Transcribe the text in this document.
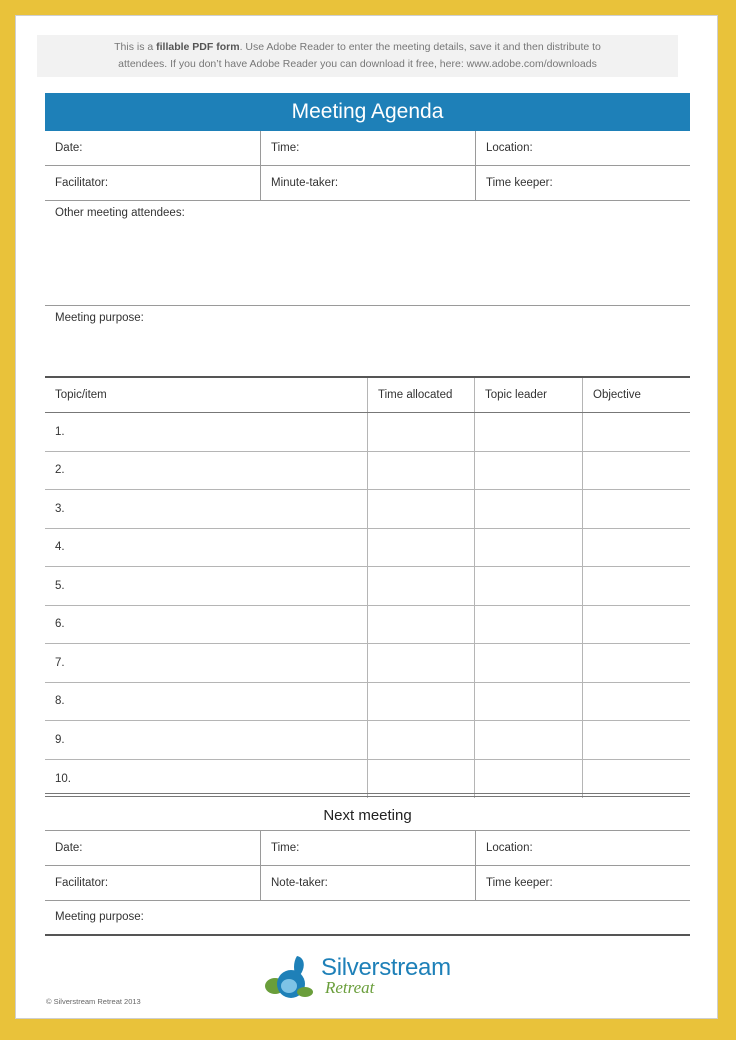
This is a fillable PDF form. Use Adobe Reader to enter the meeting details, save it and then distribute to
attendees. If you don’t have Adobe Reader you can download it free, here: www.adobe.com/downloads
Meeting Agenda
Date:	Time:	Location:
Facilitator:	Minute-taker:	Time keeper:
Other meeting attendees:
Meeting purpose:
Topic/item	Time allocated	Topic leader	Objective
1.
2.
3.
4.
5.
6.
7.
8.
9.
10.
Next meeting
Date:	Time:	Location:
Facilitator:	Note-taker:	Time keeper:
Meeting purpose:
Silverstream
Retreat
© Silverstream Retreat 2013
